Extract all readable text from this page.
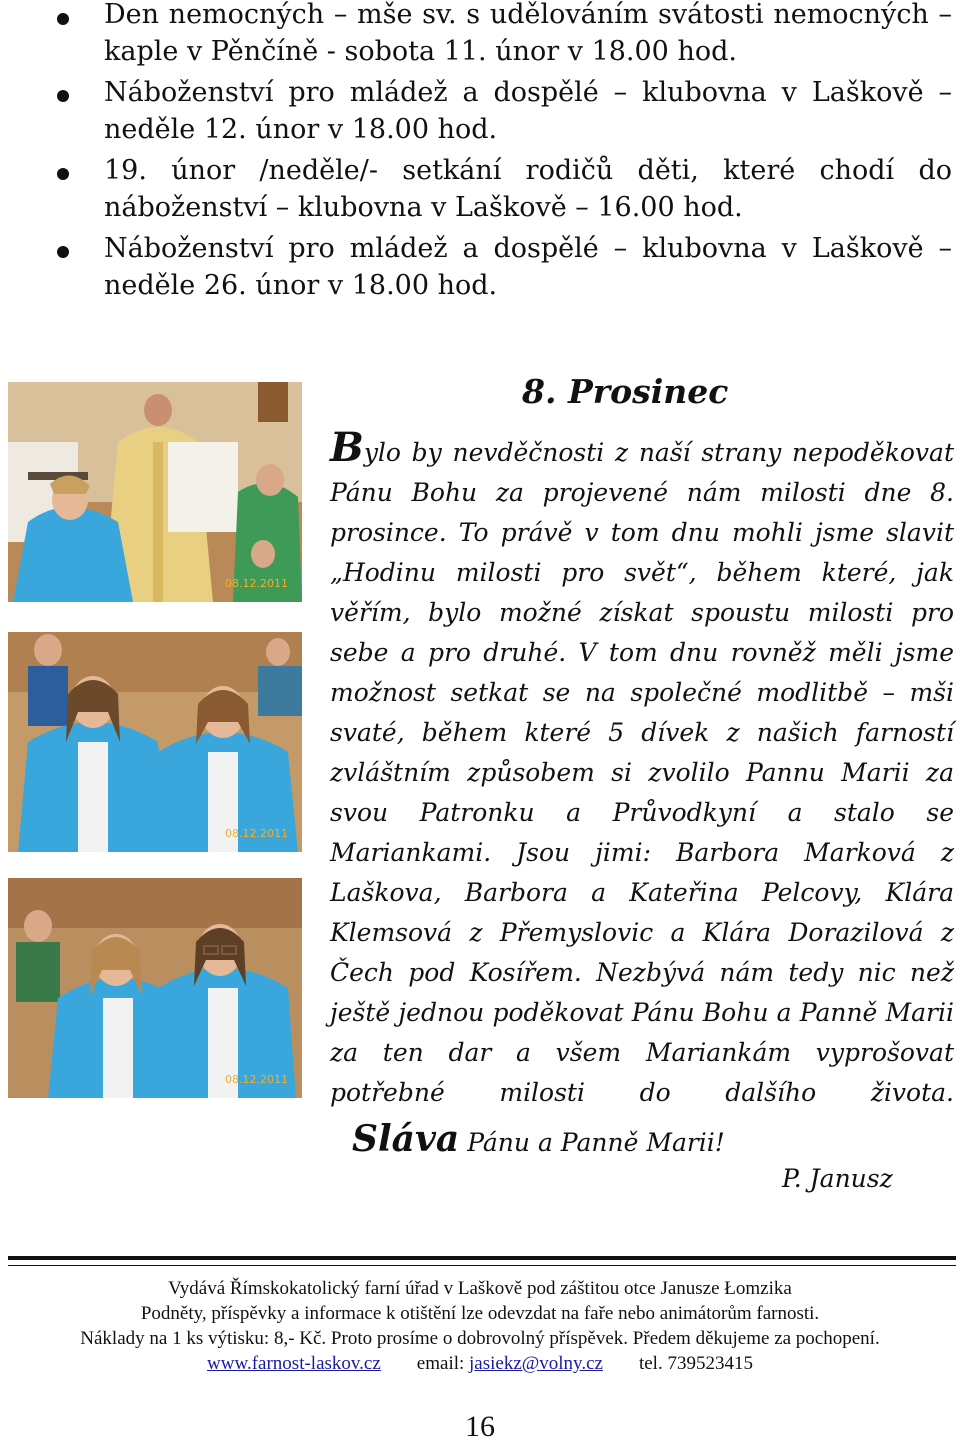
Den nemocných – mše sv. s udělováním svátosti nemocných – kaple v Pěnčíně - sobota 11. únor v 18.00 hod.
Náboženství pro mládež a dospělé – klubovna v Laškově – neděle 12. únor v 18.00 hod.
19. únor /neděle/- setkání rodičů děti, které chodí do náboženství – klubovna v Laškově – 16.00 hod.
Náboženství pro mládež a dospělé – klubovna v Laškově – neděle 26. únor v 18.00 hod.
08.12.2011
08.12.2011
08.12.2011
8. Prosinec
Bylo by nevděčnosti z naší strany nepoděkovat Pánu Bohu za projevené nám milosti dne 8. prosince. To právě v tom dnu mohli jsme slavit „Hodinu milosti pro svět“, během které, jak věřím, bylo možné získat spoustu milosti pro sebe a pro druhé. V tom dnu rovněž měli jsme možnost setkat se na společné modlitbě – mši svaté, během které 5 dívek z našich farností zvláštním způsobem si zvolilo Pannu Marii za svou Patronku a Průvodkyní a stalo se Mariankami. Jsou jimi: Barbora Marková z Laškova, Barbora a Kateřina Pelcovy, Klára Klemsová z Přemyslovic a Klára Dorazilová z Čech pod Kosířem. Nezbývá nám tedy nic než ještě jednou poděkovat Pánu Bohu a Panně Marii za ten dar a všem Mariankám vyprošovat potřebné milosti do dalšího života.
Sláva Pánu a Panně Marii!
P. Janusz
Vydává Římskokatolický farní úřad v Laškově pod záštitou otce Janusze Łomzika
Podněty, příspěvky a informace k otištění lze odevzdat na faře nebo animátorům farnosti.
Náklady na 1 ks výtisku: 8,- Kč. Proto prosíme o dobrovolný příspěvek. Předem děkujeme za pochopení.
www.farnost-laskov.cz email: jasiekz@volny.cz tel. 739523415
16
